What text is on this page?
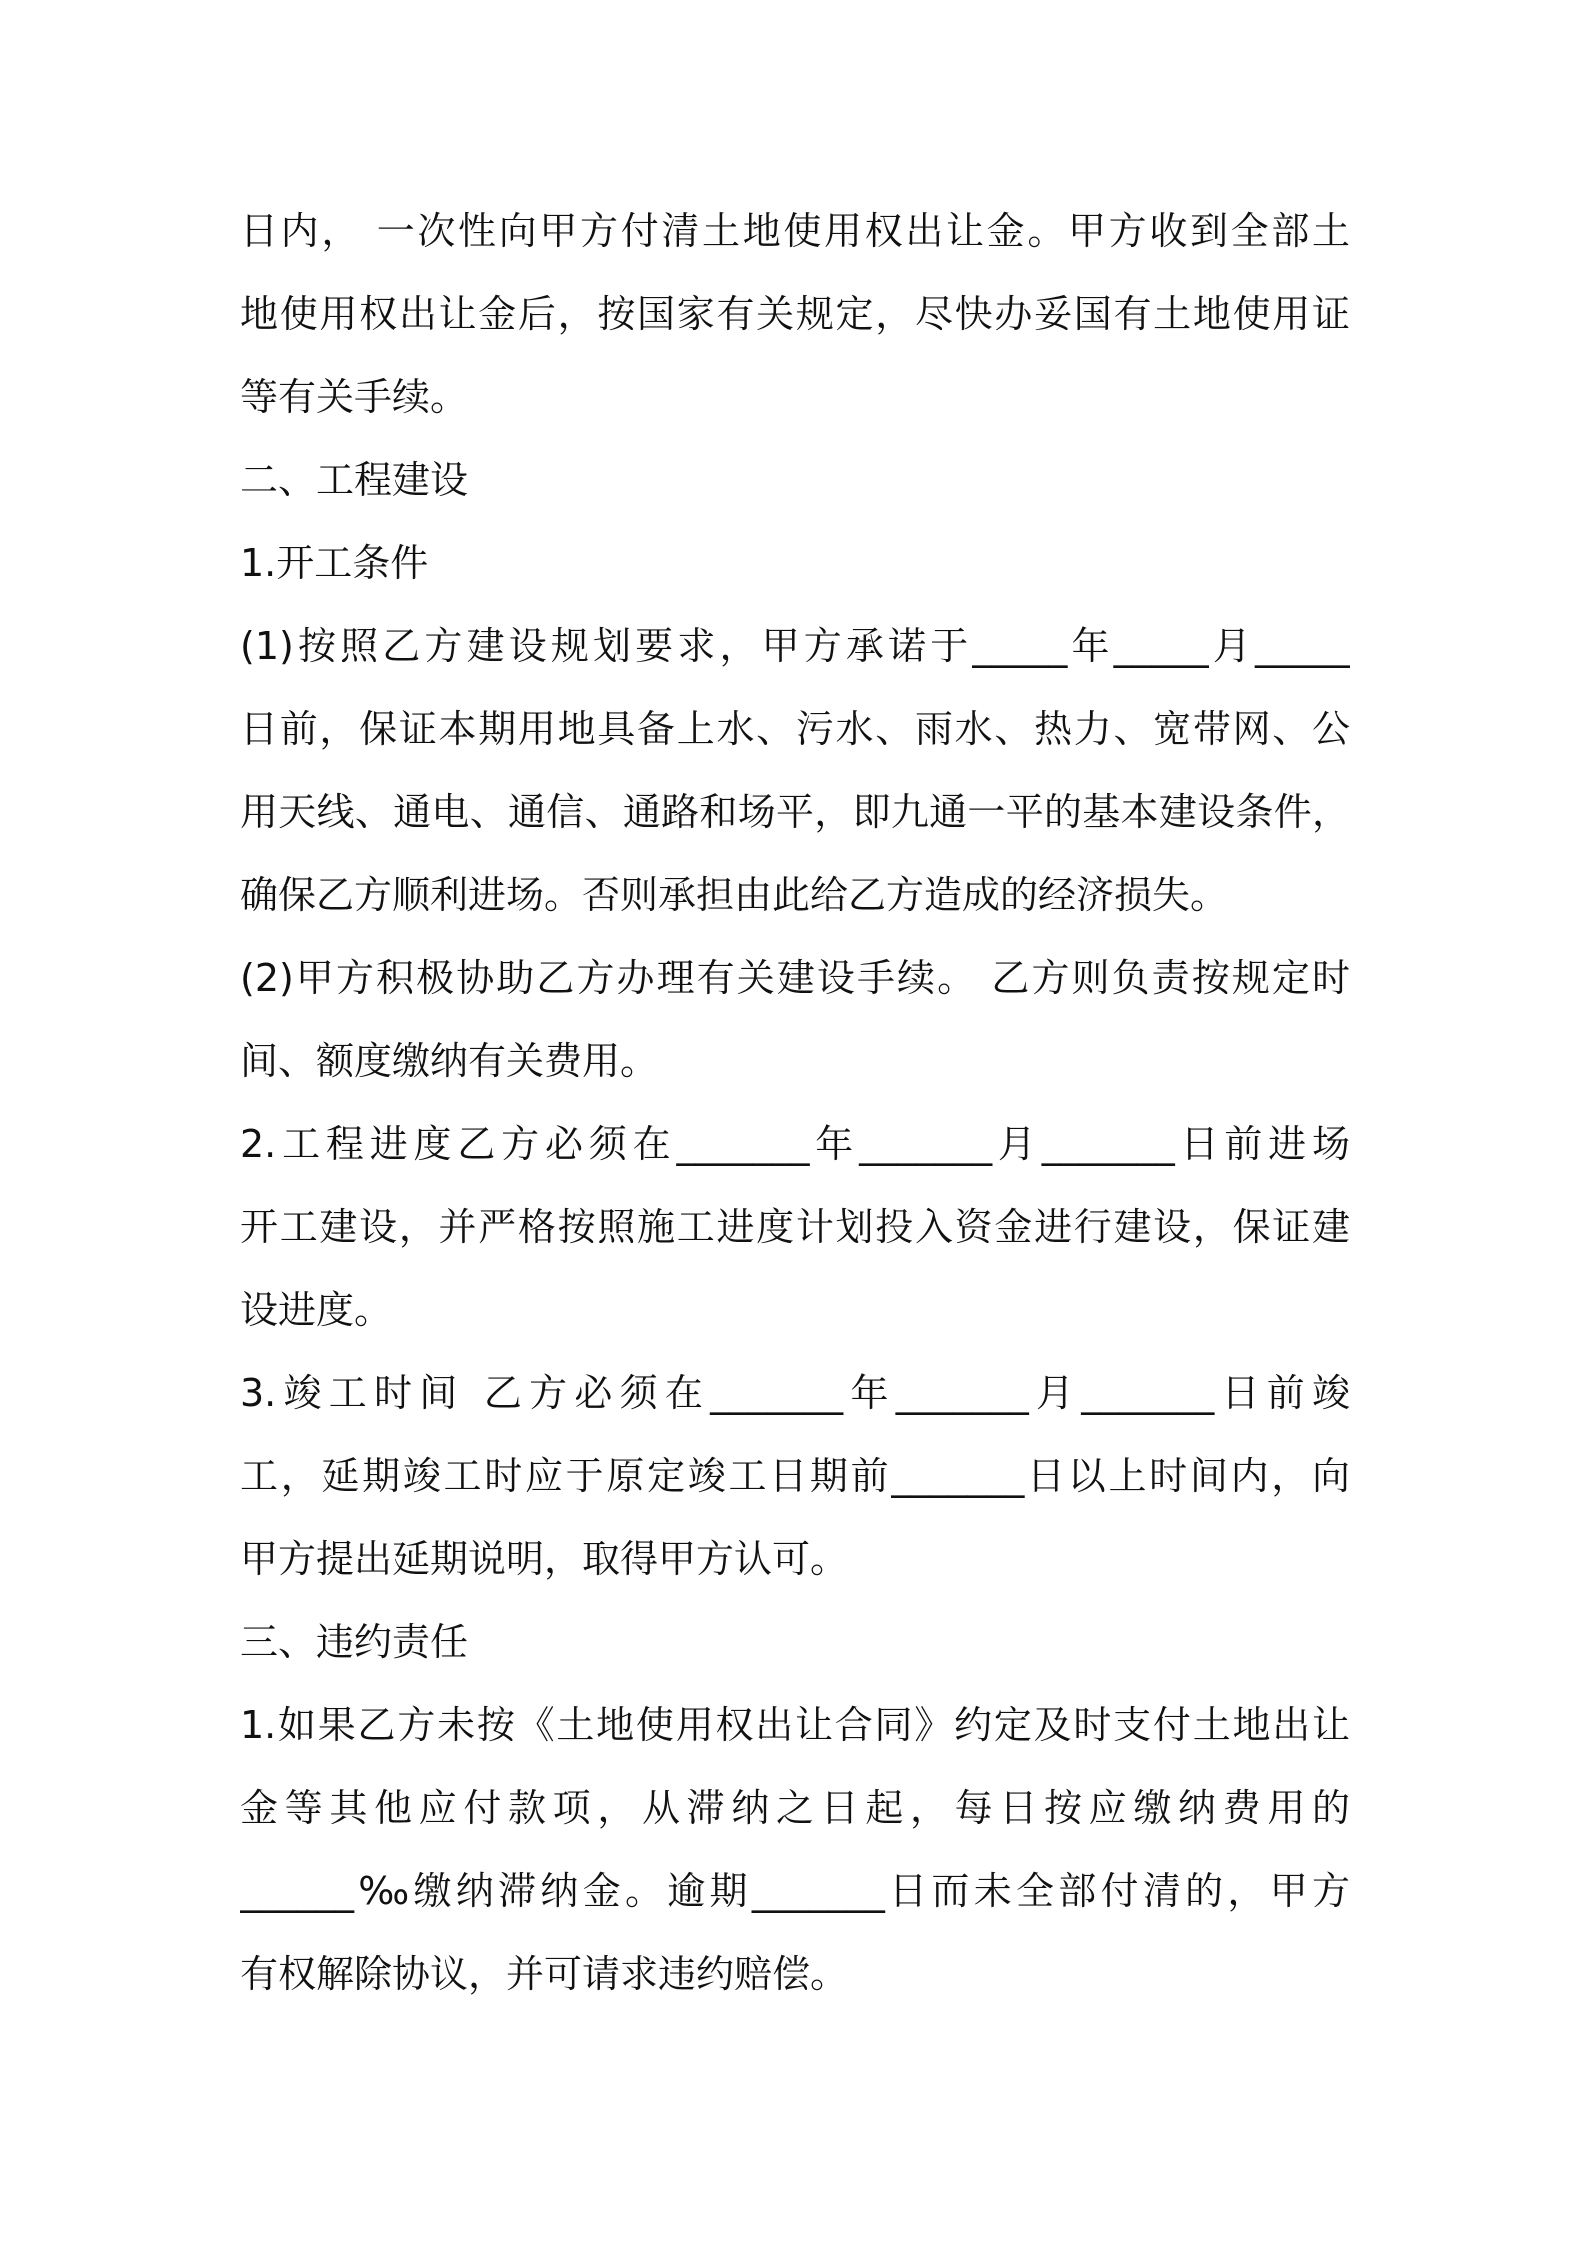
日内， 一次性向甲方付清土地使用权出让金。甲方收到全部土
地使用权出让金后，按国家有关规定，尽快办妥国有土地使用证
等有关手续。
二、工程建设
1.开工条件
(1)按照乙方建设规划要求，甲方承诺于_____年_____月_____
日前，保证本期用地具备上水、污水、雨水、热力、宽带网、公
用天线、通电、通信、通路和场平，即九通一平的基本建设条件，
确保乙方顺利进场。否则承担由此给乙方造成的经济损失。
(2)甲方积极协助乙方办理有关建设手续。 乙方则负责按规定时
间、额度缴纳有关费用。
2.工程进度乙方必须在_______年_______月_______日前进场
开工建设，并严格按照施工进度计划投入资金进行建设，保证建
设进度。
3.竣工时间 乙方必须在_______年_______月_______日前竣
工，延期竣工时应于原定竣工日期前_______日以上时间内，向
甲方提出延期说明，取得甲方认可。
三、违约责任
1.如果乙方未按《土地使用权出让合同》约定及时支付土地出让
金等其他应付款项，从滞纳之日起，每日按应缴纳费用的
______‰缴纳滞纳金。逾期_______日而未全部付清的，甲方
有权解除协议，并可请求违约赔偿。
